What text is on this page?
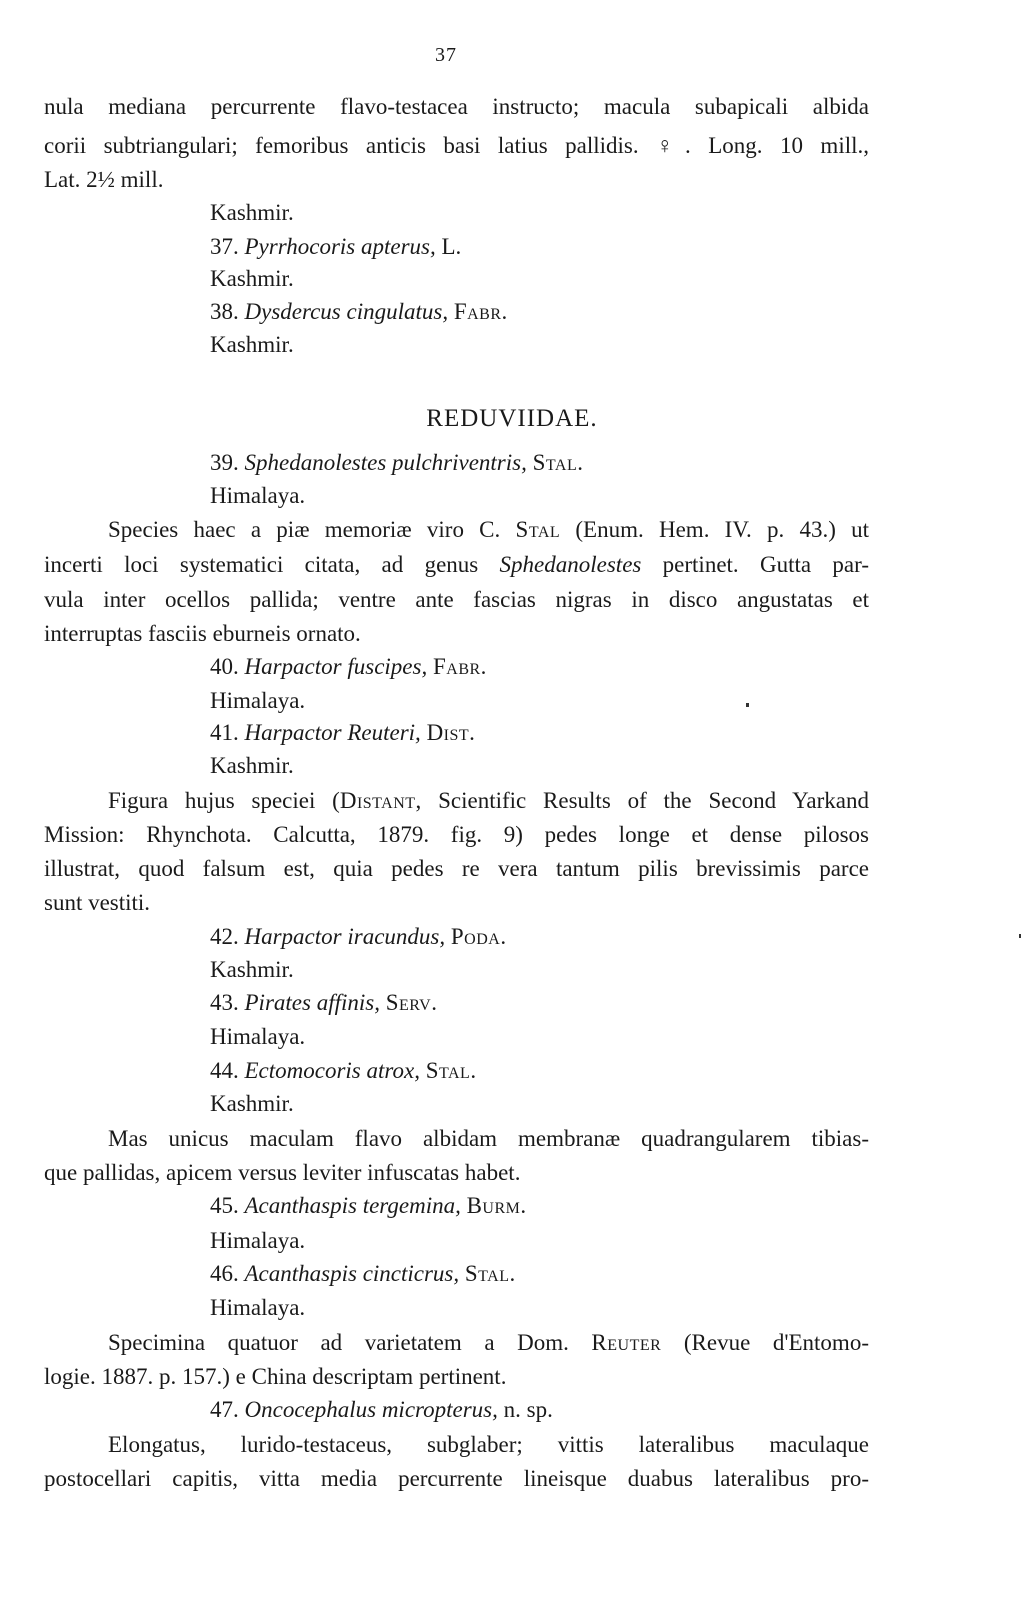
37
nula mediana percurrente flavo-testacea instructo; macula subapicali albida
corii subtriangulari; femoribus anticis basi latius pallidis. ♀. Long. 10 mill.,
Lat. 2½ mill.
Kashmir.
37. Pyrrhocoris apterus, L.
Kashmir.
38. Dysdercus cingulatus, Fabr.
Kashmir.
REDUVIIDAE.
39. Sphedanolestes pulchriventris, Stal.
Himalaya.
Species haec a piæ memoriæ viro C. Stal (Enum. Hem. IV. p. 43.) ut
incerti loci systematici citata, ad genus Sphedanolestes pertinet. Gutta par-
vula inter ocellos pallida; ventre ante fascias nigras in disco angustatas et
interruptas fasciis eburneis ornato.
40. Harpactor fuscipes, Fabr.
Himalaya.
41. Harpactor Reuteri, Dist.
Kashmir.
Figura hujus speciei (Distant, Scientific Results of the Second Yarkand
Mission: Rhynchota. Calcutta, 1879. fig. 9) pedes longe et dense pilosos
illustrat, quod falsum est, quia pedes re vera tantum pilis brevissimis parce
sunt vestiti.
42. Harpactor iracundus, Poda.
Kashmir.
43. Pirates affinis, Serv.
Himalaya.
44. Ectomocoris atrox, Stal.
Kashmir.
Mas unicus maculam flavo albidam membranæ quadrangularem tibias-
que pallidas, apicem versus leviter infuscatas habet.
45. Acanthaspis tergemina, Burm.
Himalaya.
46. Acanthaspis cincticrus, Stal.
Himalaya.
Specimina quatuor ad varietatem a Dom. Reuter (Revue d'Entomo-
logie. 1887. p. 157.) e China descriptam pertinent.
47. Oncocephalus micropterus, n. sp.
Elongatus, lurido-testaceus, subglaber; vittis lateralibus maculaque
postocellari capitis, vitta media percurrente lineisque duabus lateralibus pro-
